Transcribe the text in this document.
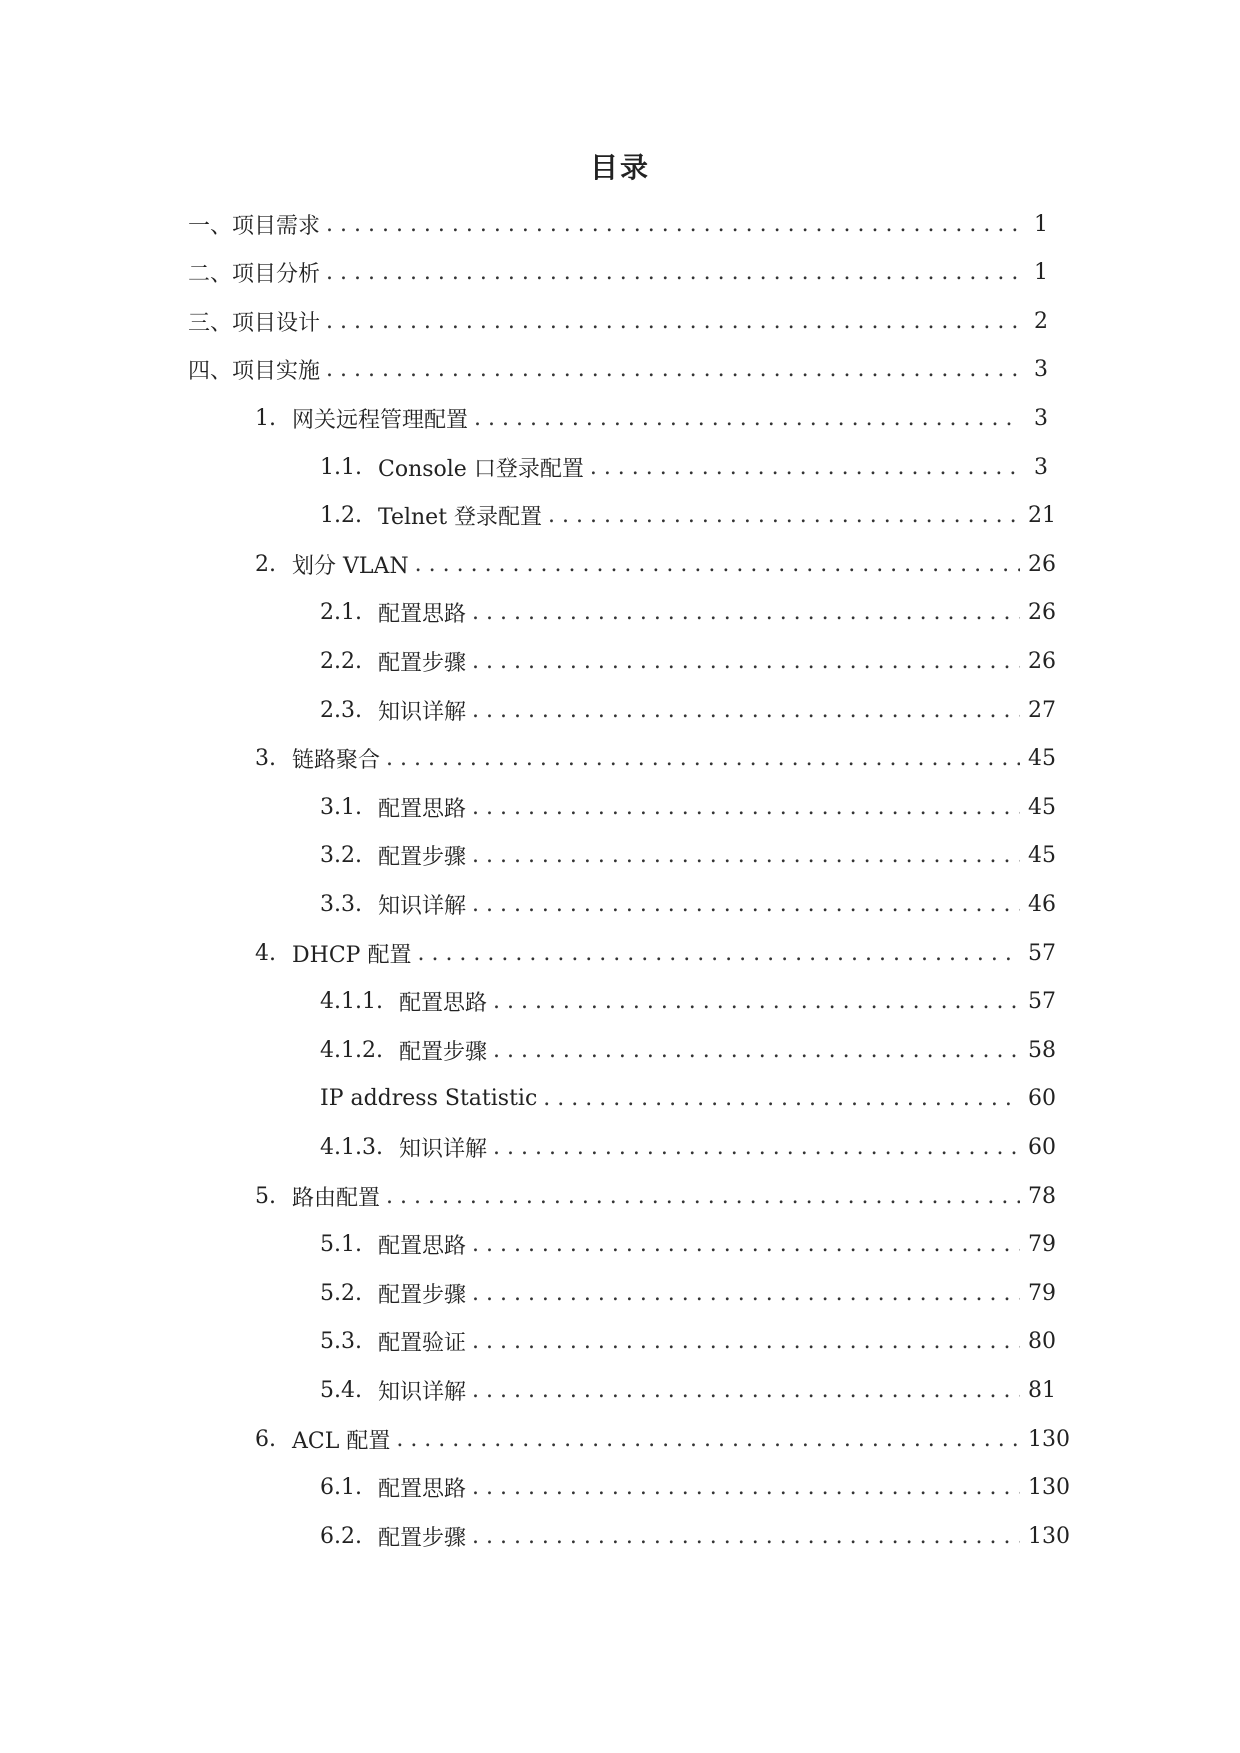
目录
一、 项目需求 . . .	1
二、 项目分析 . . .	1
三、 项目设计 . . .	2
四、 项目实施 . . .	3
1. 网关远程管理配置 . . .	3
1.1. Console 口登录配置 . . .	3
1.2. Telnet 登录配置 . . .	21
2. 划分 VLAN . . .	26
2.1. 配置思路 . . .	26
2.2. 配置步骤 . . .	26
2.3. 知识详解 . . .	27
3. 链路聚合 . . .	45
3.1. 配置思路 . . .	45
3.2. 配置步骤 . . .	45
3.3. 知识详解 . . .	46
4. DHCP 配置 . . .	57
4.1.1. 配置思路 . . .	57
4.1.2. 配置步骤 . . .	58
IP address Statistic . . .	60
4.1.3. 知识详解 . . .	60
5. 路由配置 . . .	78
5.1. 配置思路 . . .	79
5.2. 配置步骤 . . .	79
5.3. 配置验证 . . .	80
5.4. 知识详解 . . .	81
6. ACL 配置 . . .	130
6.1. 配置思路 . . .	130
6.2. 配置步骤 . . .	130
